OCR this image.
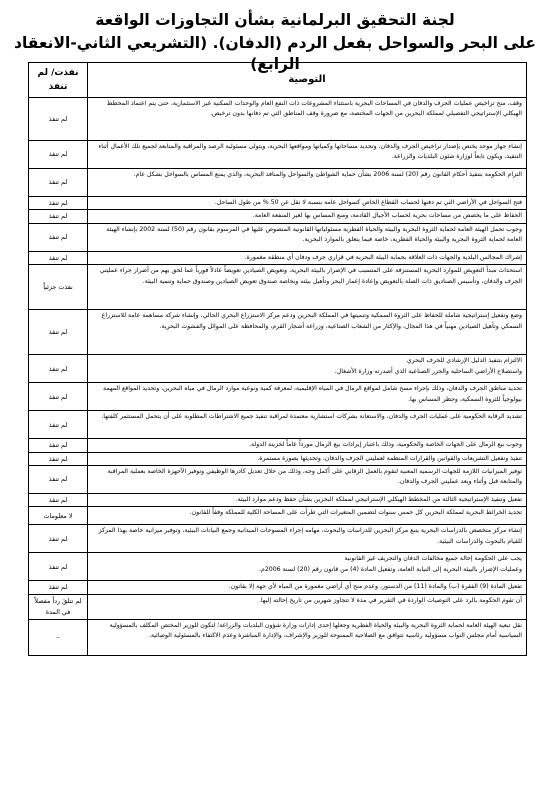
لجنة التحقيق البرلمانية بشأن التجاوزات الواقعة
على البحر والسواحل بفعل الردم (الدفان). (التشريعي الثاني-الانعقاد الرابع)
التوصية	نفذت/ لم تنفذ
وقف، منح تراخيص عمليات الجرف والدفان في المساحات البحرية باستثناء المشروعات ذات النفع العام والوحدات السكنية غير الاستثمارية، حتى يتم اعتماد المخطط الهيكلي الإستراتيجي التفصيلي لمملكة البحرين من الجهات المختصة، مع ضرورة وقف المناطق التي تم دفانها بدون ترخيص.	لم تنفذ
إنشاء جهاز موحد يختص بإصدار تراخيص الجرف والدفان، وتحديد مساحاتها وكمياتها ومواقعها البحرية، ويتولى مسئولية الرصد والمراقبة والمتابعة لجميع تلك الأعمال أثناء التنفيذ، ويكون تابعاً لوزارة شئون البلديات والزراعة.	لم تنفذ
التزام الحكومة بتنفيذ أحكام القانون رقم (20) لسنة 2006 بشأن حماية الشواطئ والسواحل والمنافذ البحرية، والذي يمنع المساس بالسواحل بشكل عام.	لم تنفذ
فتح السواحل في الأراضي التي تم دفنها لحساب القطاع الخاص كسواحل عامة بنسبة لا تقل عن 50 % من طول الساحل.	لم تنفذ
الحفاظ على ما يخصص من مساحات بحرية لحساب الأجيال القادمة، ومنع المساس بها لغير المنفعة العامة.	لم تنفذ
وجوب تحمل الهيئة العامة لحماية الثروة البحرية والبيئة والحياة الفطرية مسئولياتها القانونية المنصوص عليها في المرسوم بقانون رقم (50) لسنة 2002 بإنشاء الهيئة العامة لحماية الثروة البحرية والبيئة والحياة الفطرية، خاصة فيما يتعلق بالموارد البحرية.	لم تنفذ
إشراك المجالس البلدية والجهات ذات العلاقة بحماية البيئة البحرية في قراري جرف ودفان أي منطقة مغمورة.	لم تنفذ
استحداث مبدأ التعويض للموارد البحرية المستنزفة على المتسبب في الإضرار بالبيئة البحرية، وتعويض الصيادين تعويضاً عادلاً فورياً عما لحق بهم من أضرار جراء عمليتي الجرف والدفان، وتأسيس الصناديق ذات الصلة بالتعويض وإعادة إعمار البحر وتأهيل بيئته وبخاصة صندوق تعويض الصيادين وصندوق حماية وتنمية البيئة.	نفذت جزئياً
وضع وتفعيل إستراتيجية شاملة للحفاظ على الثروة السمكية وتنميتها في المملكة البحرين ودعم مركز الاستزراع البحري الحالي، وإنشاء شركة مساهمة عامة للاستزراع السمكي وتأهيل الصيادين مهنياً في هذا المجال، والإكثار من الشعاب الصناعية، وزراعة أشجار القرم، والمحافظة على الموائل والفشوت البحرية.	لم تنفذ
الالتزام بتنفيذ الدليل الإرشادي للجرف البحري
واستصلاح الأراضي الساحلية والجزر الصناعية الذي أصدرته وزارة الأشغال.	لم تنفذ
تحديد مناطق الجرف والدفان، وذلك بإجراء مسح شامل لمواقع الرمال في المياه الإقليمية، لمعرفة كمية ونوعية موارد الرمال في مياه البحرين، وتحديد المواقع المهمة بيولوجياً للثروة السمكية، وحظر المساس بها.	لم تنفذ
تشديد الرقابة الحكومية على عمليات الجرف والدفان، والاستعانة بشركات استشارية معتمدة لمراقبة تنفيذ جميع الاشتراطات المطلوبة على أن يتحمل المستثمر كلفتها.	لم تنفذ
وجوب بيع الرمال على الجهات الخاصة والحكومية، وذلك باعتبار إيرادات بيع الرمال مورداً عاماً لخزينة الدولة.	لم تنفذ
تنفيذ وتفعيل التشريعات والقوانين والقرارات المنظمة لعمليتي الجرف والدفان، وتحديثها بصورة مستمرة.	لم تنفذ
توفير الميزانيات اللازمة للجهات الرسمية المعنية لتقوم بالعمل الرقابي على أكمل وجه، وذلك من خلال تعديل كادرها الوظيفي وتوفير الأجهزة الخاصة بعملية المراقبة والمتابعة قبل وأثناء وبعد عمليتي الجرف والدفان.	لم تنفذ
تفعيل وتنفيذ الإستراتيجية الثالثة من المخطط الهيكلي الإستراتيجي لمملكة البحرين بشأن حفظ ودعم موارد البيئة.	لم تنفذ
تحديد الخرائط البحرية لمملكة البحرين كل خمس سنوات لتضمين المتغيرات التي طرأت على المساحة الكلية للمملكة وفقاً للقانون.	لا معلومات
إنشاء مركز متخصص بالدراسات البحرية يتبع مركز البحرين للدراسات والبحوث، مهامه إجراء المسوحات الميدانية وجمع البيانات البيئية، وتوفير ميزانية خاصة بهذا المركز للقيام بالبحوث والدراسات البيئية.	لم تنفذ
يجب على الحكومة إحالة جميع مخالفات الدفان والتجريف غير القانونية
وعمليات الإضرار بالبيئة البحرية إلى النيابة العامة، وتفعيل المادة (4) من قانون رقم (20) لسنة 2006م.	لم تنفذ
تفعيل المادة (9) الفقرة (ب) والمادة (11) من الدستور، وعدم منح أي أراضي مغمورة من المياه لأي جهة إلا بقانون.	لم تنفذ
أن تقوم الحكومة بالرد على التوصيات الواردة في التقرير في مدة لا تتجاوز شهرين من تاريخ إحالته إليها.	لم تتلقَ رداً مفصلاً في المدة
نقل تبعية الهيئة العامة لحماية الثروة البحرية والبيئة والحياة الفطرية وجعلها إحدى إدارات وزارة شؤون البلديات والزراعة؛ لتكون للوزير المختص المكلف بالمسؤولية السياسية أمام مجلس النواب مسؤولية رئاسية تتوافق مع الصلاحية الممنوحة للوزير والإشراف، والإدارة المباشرة وعدم الاكتفاء بالمسئولية الوصائية.	–
